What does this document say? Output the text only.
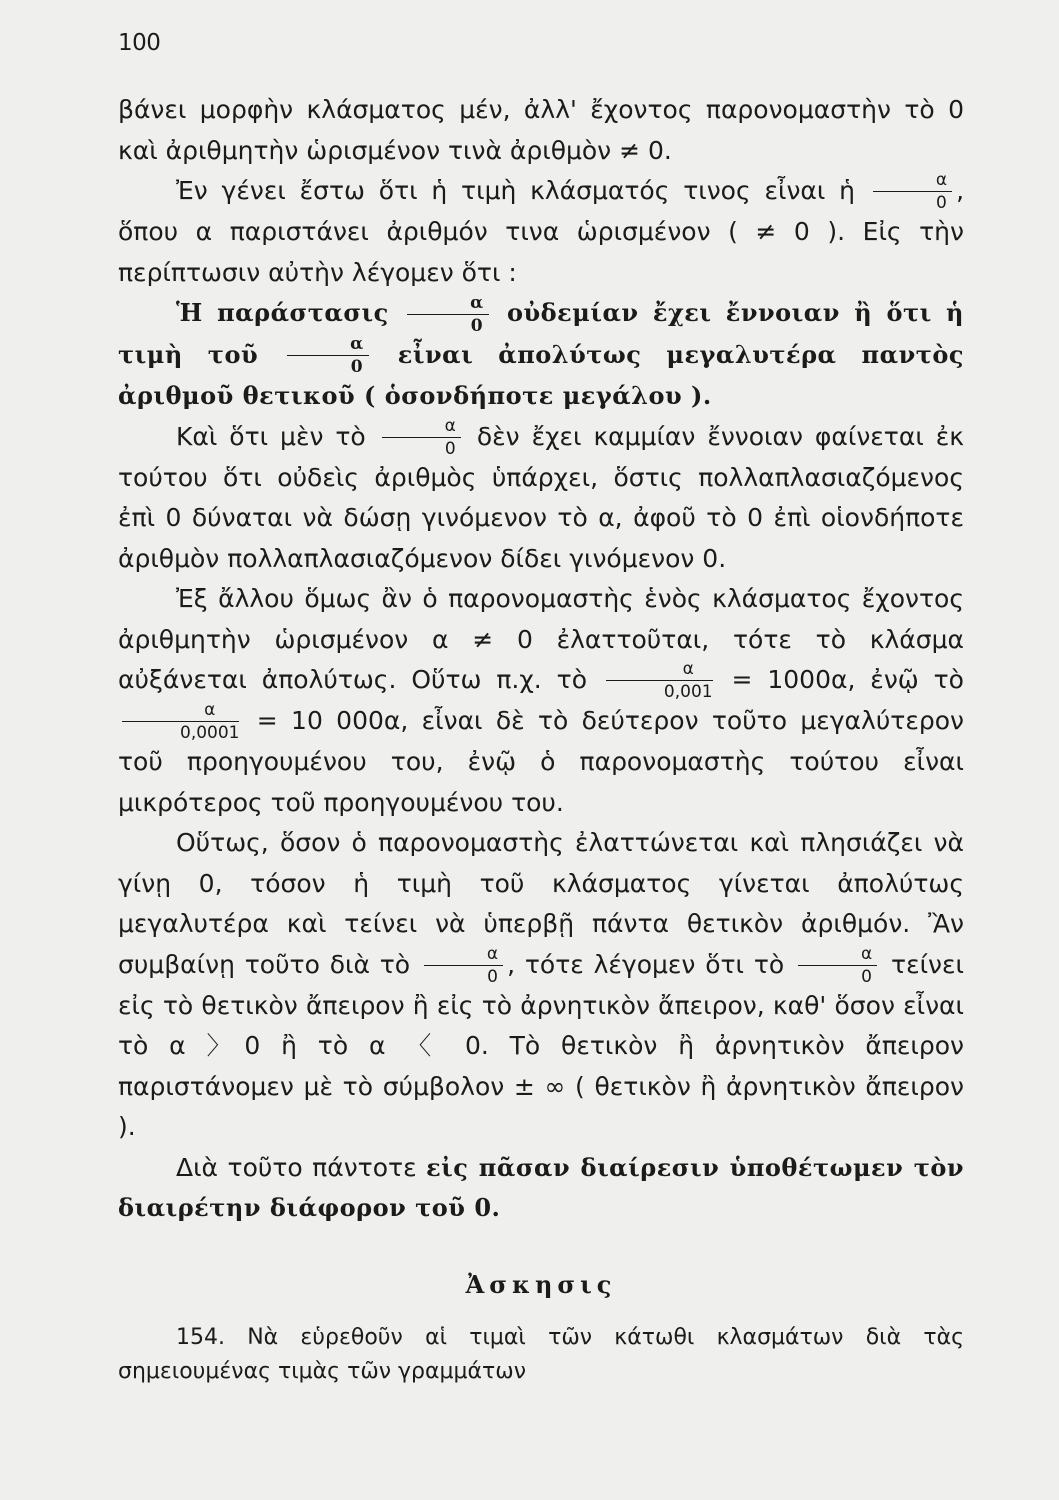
100

βάνει μορφὴν κλάσματος μέν, ἀλλ' ἔχοντος παρονομαστὴν τὸ 0 καὶ ἀριθμητὴν ὡρισμένον τινὰ ἀριθμὸν ≠ 0.

Ἐν γένει ἔστω ὅτι ἡ τιμὴ κλάσματός τινος εἶναι ἡ $\frac{\alpha}{0}$ , ὅπου α παριστάνει ἀριθμόν τινα ὡρισμένον ( ≠ 0 ). Εἰς τὴν περίπτωσιν αὐτὴν λέγομεν ὅτι :

Ἡ παράστασις $\frac{\alpha}{0}$ οὐδεμίαν ἔχει ἔννοιαν ἢ ὅτι ἡ τιμὴ τοῦ $\frac{\alpha}{0}$ εἶναι ἀπολύτως μεγαλυτέρα παντὸς ἀριθμοῦ θετικοῦ ( ὁσονδήποτε μεγάλου ).

Καὶ ὅτι μὲν τὸ $\frac{\alpha}{0}$ δὲν ἔχει καμμίαν ἔννοιαν φαίνεται ἐκ τούτου ὅτι οὐδεὶς ἀριθμὸς ὑπάρχει, ὅστις πολλαπλασιαζόμενος ἐπὶ 0 δύναται νὰ δώσῃ γινόμενον τὸ α, ἀφοῦ τὸ 0 ἐπὶ οἱονδήποτε ἀριθμὸν πολλαπλασιαζόμενον δίδει γινόμενον 0.

Ἐξ ἄλλου ὅμως ἂν ὁ παρονομαστὴς ἑνὸς κλάσματος ἔχοντος ἀριθμητὴν ὡρισμένον α ≠ 0 ἐλαττοῦται, τότε τὸ κλάσμα αὐξάνεται ἀπολύτως. Οὕτω π.χ. τὸ $\frac{\alpha}{0,001} = 1000\alpha$, ἐνῷ τὸ
$\frac{\alpha}{0,0001} = 10$ 000α, εἶναι δὲ τὸ δεύτερον τοῦτο μεγαλύτερον τοῦ προηγουμένου του, ἐνῷ ὁ παρονομαστὴς τούτου εἶναι μικρότερος τοῦ προηγουμένου του.

Οὕτως, ὅσον ὁ παρονομαστὴς ἐλαττώνεται καὶ πλησιάζει νὰ γίνῃ 0, τόσον ἡ τιμὴ τοῦ κλάσματος γίνεται ἀπολύτως μεγαλυτέρα καὶ τείνει νὰ ὑπερβῇ πάντα θετικὸν ἀριθμόν. Ἂν συμβαίνῃ τοῦτο διὰ τὸ $\frac{\alpha}{0}$ , τότε λέγομεν ὅτι τὸ $\frac{\alpha}{0}$ τείνει εἰς τὸ θετικὸν ἄπειρον ἢ εἰς τὸ ἀρνητικὸν ἄπειρον, καθ' ὅσον εἶναι τὸ α 〉0 ἢ τὸ α 〈 0. Τὸ θετικὸν ἢ ἀρνητικὸν ἄπειρον παριστάνομεν μὲ τὸ σύμβολον ± ∞ ( θετικὸν ἢ ἀρνητικὸν ἄπειρον ).

Διὰ τοῦτο πάντοτε εἰς πᾶσαν διαίρεσιν ὑποθέτωμεν τὸν διαιρέτην διάφορον τοῦ 0.

Ἀσκησις

154. Νὰ εὑρεθοῦν αἱ τιμαὶ τῶν κάτωθι κλασμάτων διὰ τὰς σημειουμένας τιμὰς τῶν γραμμάτων
